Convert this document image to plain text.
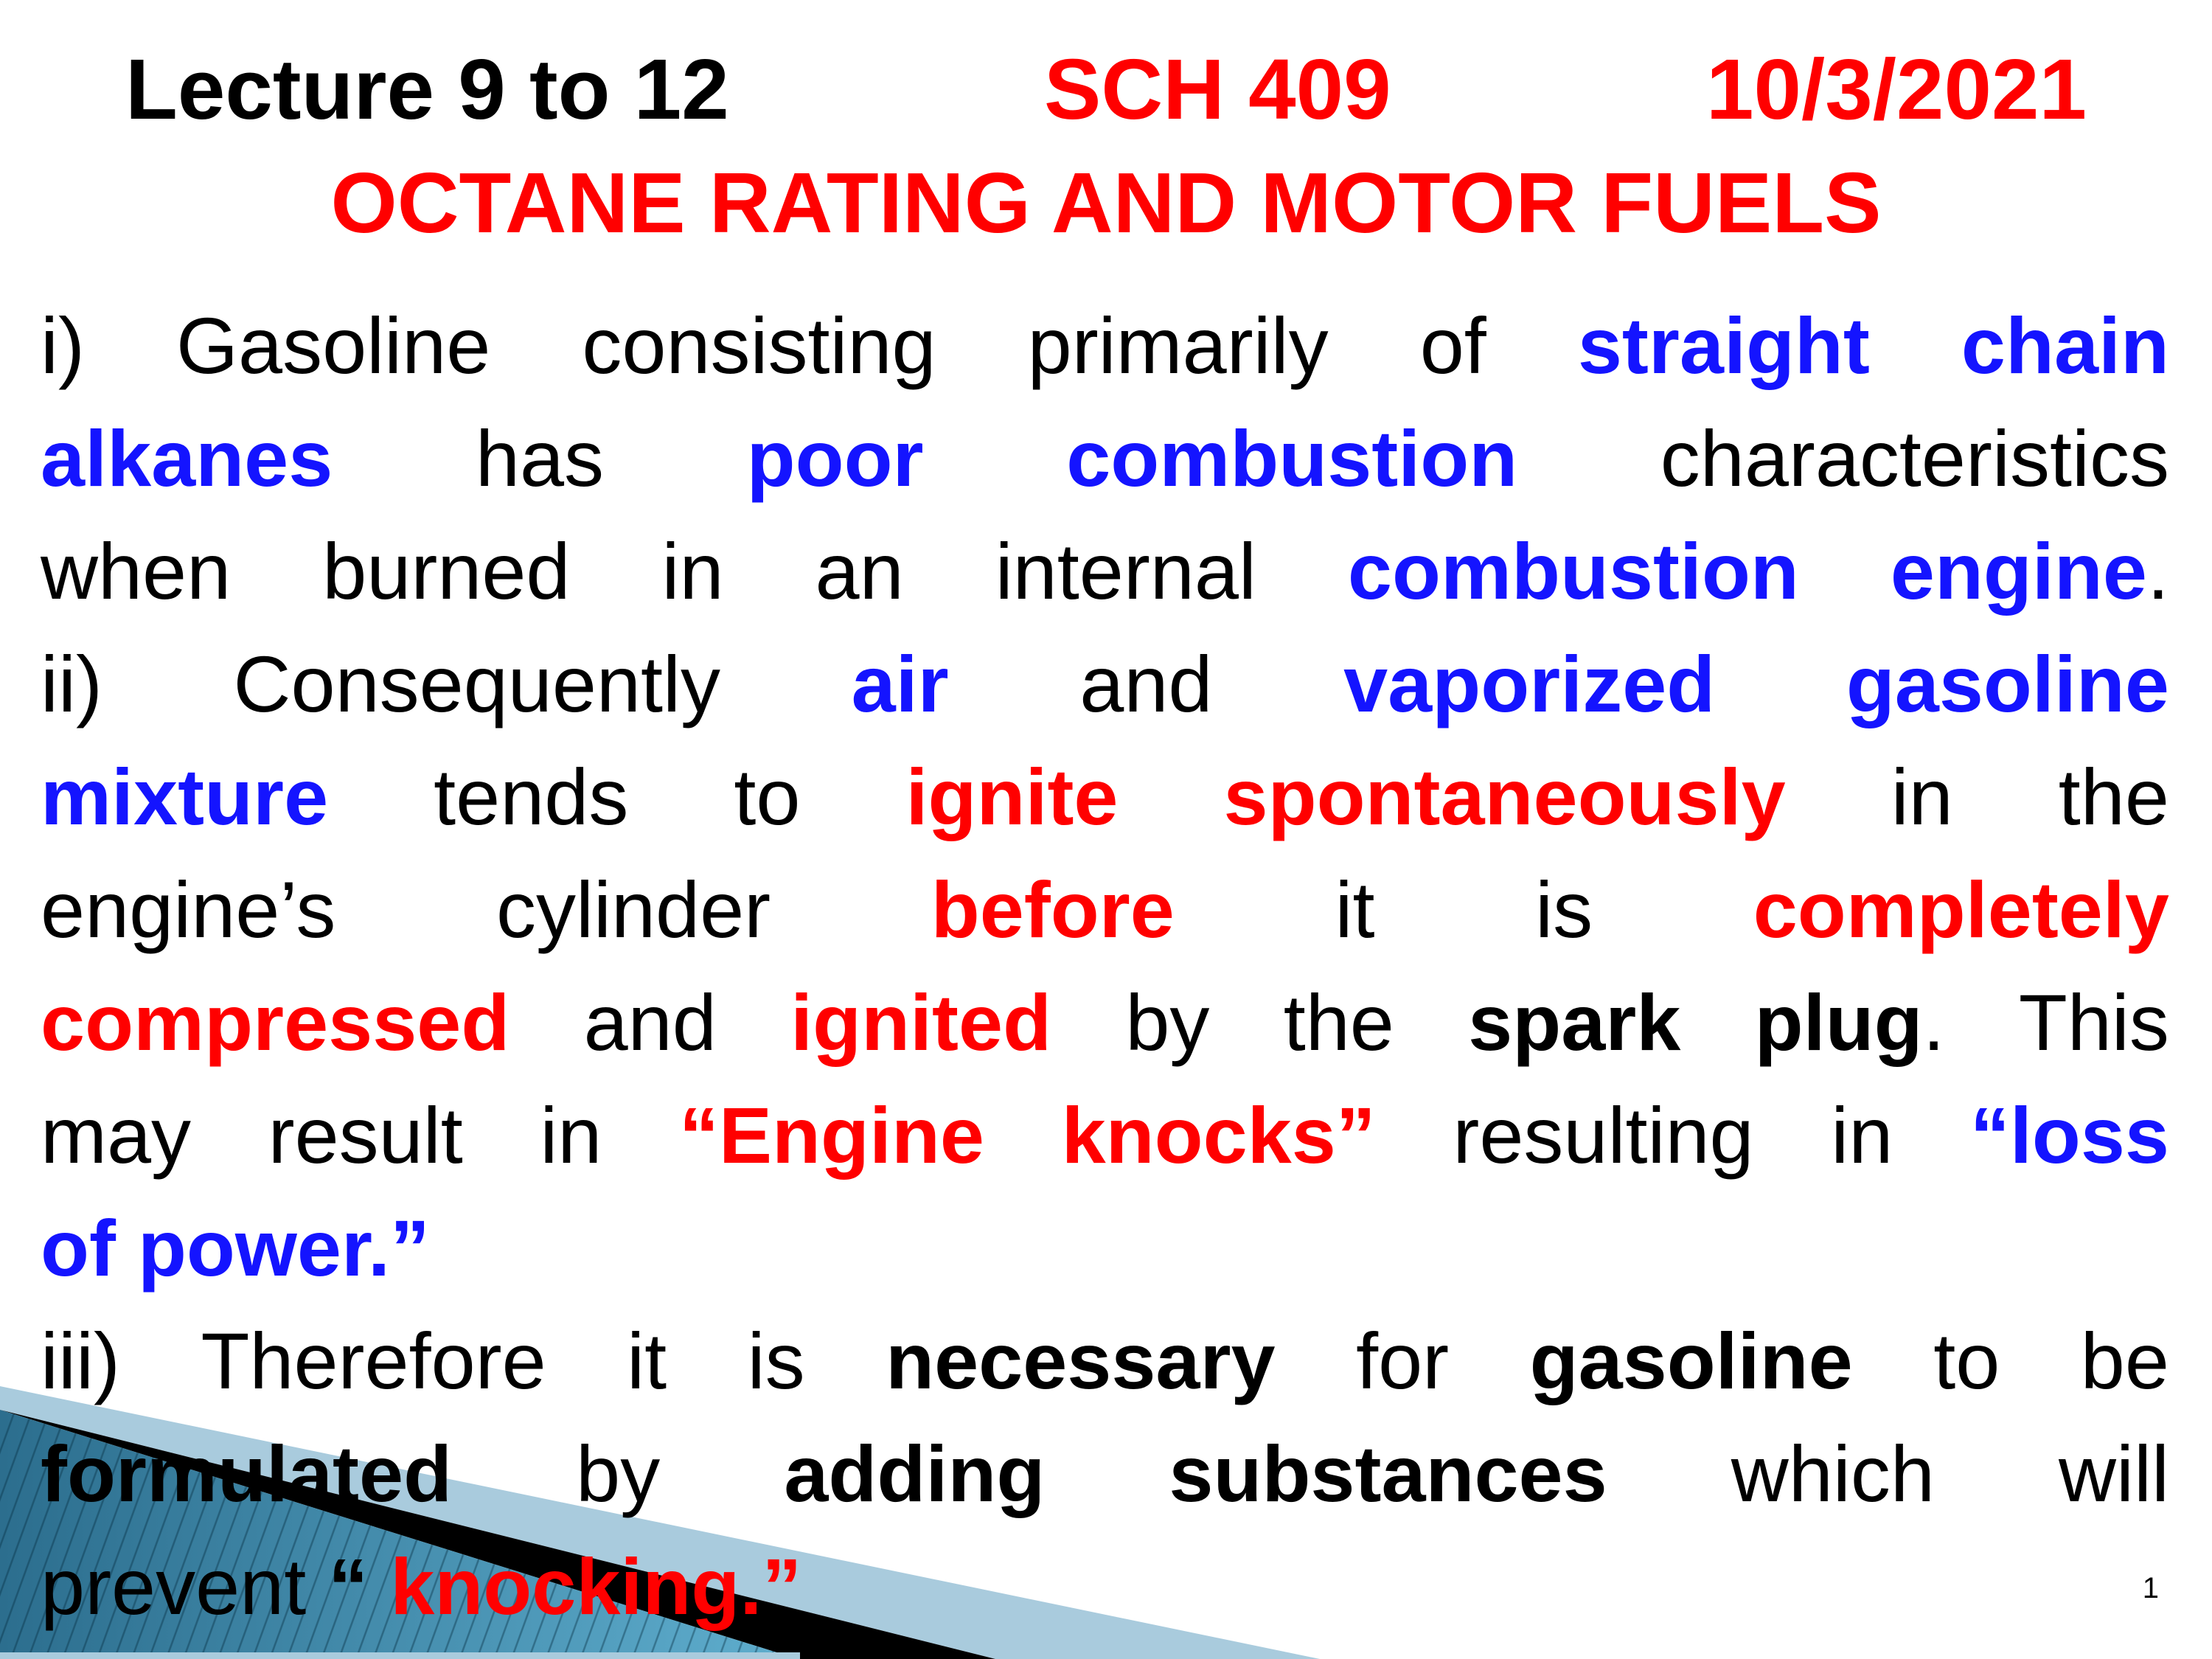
Lecture 9 to 12	SCH 409	10/3/2021
OCTANE RATING AND MOTOR FUELS
i) Gasoline consisting primarily of straight chain
alkanes has poor combustion characteristics
when burned in an internal combustion engine.
ii) Consequently air and vaporized gasoline
mixture tends to ignite spontaneously in the
engine’s cylinder before it is completely
compressed and ignited by the spark plug. This
may result in “Engine knocks” resulting in “loss
of power.”
iii) Therefore it is necessary for gasoline to be
formulated by adding substances which will
prevent “ knocking.”	1
